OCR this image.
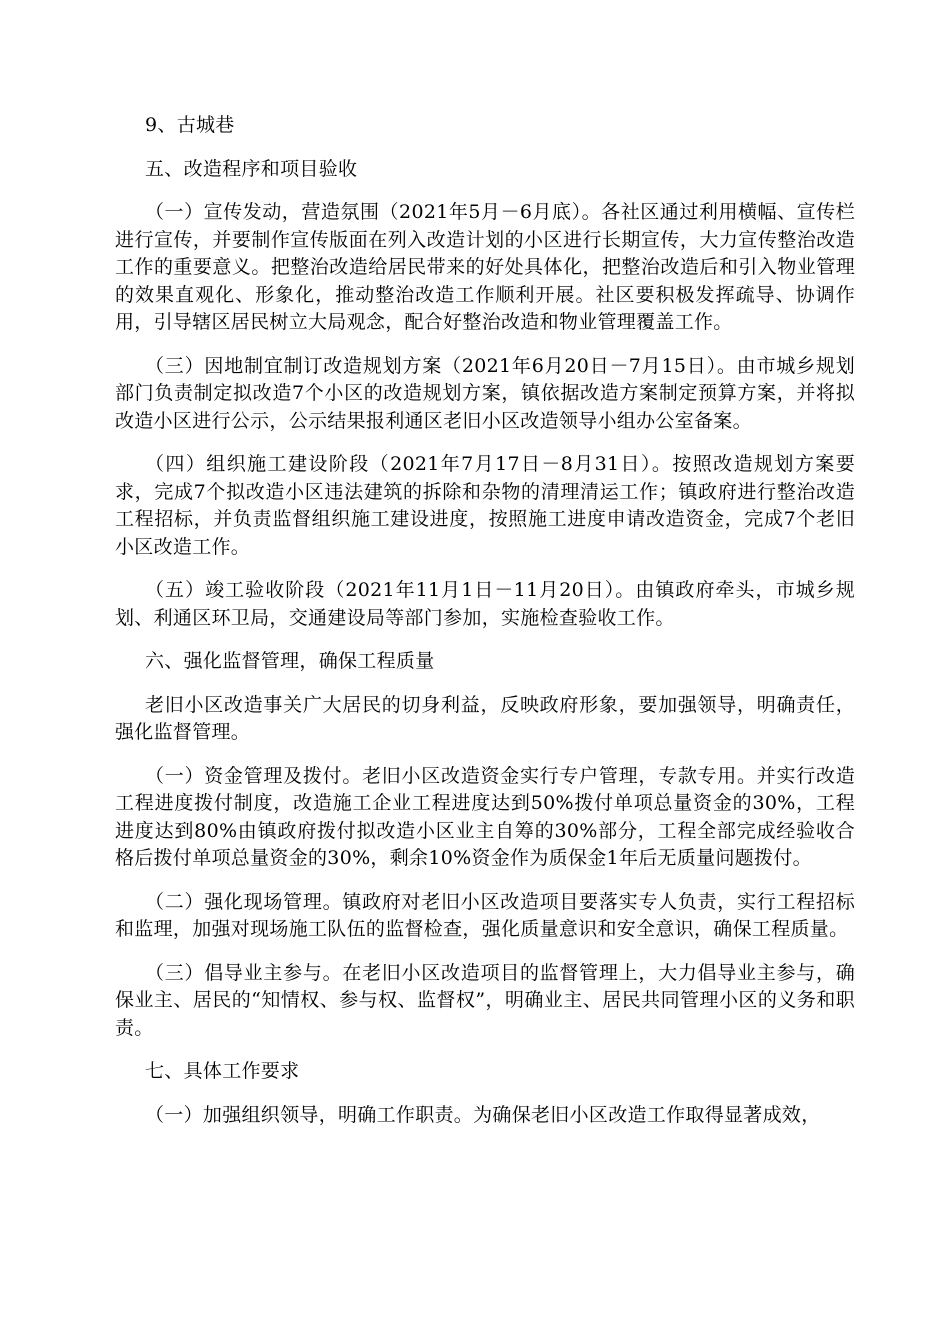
9、古城巷

五、改造程序和项目验收

（一）宣传发动，营造氛围（2021年5月－6月底）。各社区通过利用横幅、宣传栏进行宣传，并要制作宣传版面在列入改造计划的小区进行长期宣传，大力宣传整治改造工作的重要意义。把整治改造给居民带来的好处具体化，把整治改造后和引入物业管理的效果直观化、形象化，推动整治改造工作顺利开展。社区要积极发挥疏导、协调作用，引导辖区居民树立大局观念，配合好整治改造和物业管理覆盖工作。

（三）因地制宜制订改造规划方案（2021年6月20日－7月15日）。由市城乡规划部门负责制定拟改造7个小区的改造规划方案，镇依据改造方案制定预算方案，并将拟改造小区进行公示，公示结果报利通区老旧小区改造领导小组办公室备案。

（四）组织施工建设阶段（2021年7月17日－8月31日）。按照改造规划方案要求，完成7个拟改造小区违法建筑的拆除和杂物的清理清运工作；镇政府进行整治改造工程招标，并负责监督组织施工建设进度，按照施工进度申请改造资金，完成7个老旧小区改造工作。

（五）竣工验收阶段（2021年11月1日－11月20日）。由镇政府牵头，市城乡规划、利通区环卫局，交通建设局等部门参加，实施检查验收工作。

六、强化监督管理，确保工程质量

老旧小区改造事关广大居民的切身利益，反映政府形象，要加强领导，明确责任，强化监督管理。

（一）资金管理及拨付。老旧小区改造资金实行专户管理，专款专用。并实行改造工程进度拨付制度，改造施工企业工程进度达到50%拨付单项总量资金的30%，工程进度达到80%由镇政府拨付拟改造小区业主自筹的30%部分，工程全部完成经验收合格后拨付单项总量资金的30%，剩余10%资金作为质保金1年后无质量问题拨付。

（二）强化现场管理。镇政府对老旧小区改造项目要落实专人负责，实行工程招标和监理，加强对现场施工队伍的监督检查，强化质量意识和安全意识，确保工程质量。

（三）倡导业主参与。在老旧小区改造项目的监督管理上，大力倡导业主参与，确保业主、居民的“知情权、参与权、监督权”，明确业主、居民共同管理小区的义务和职责。

七、具体工作要求

（一）加强组织领导，明确工作职责。为确保老旧小区改造工作取得显著成效，
